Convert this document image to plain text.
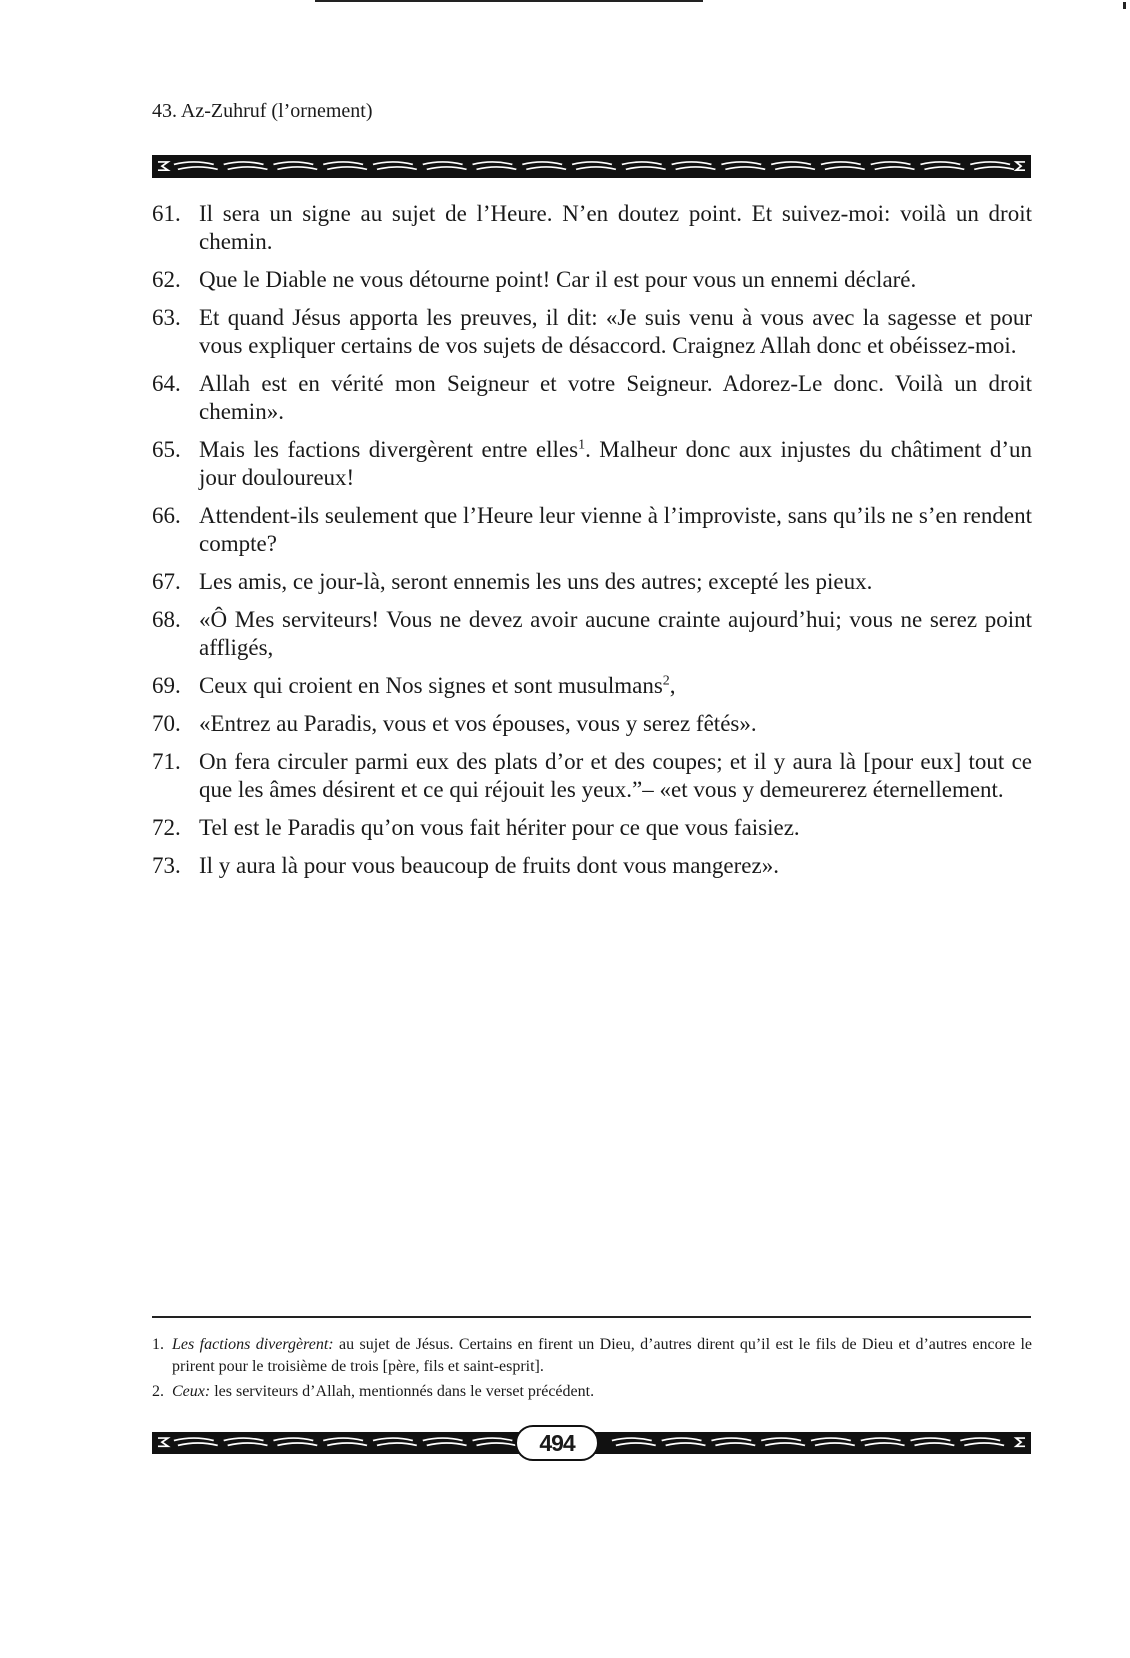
43. Az-Zuhruf (l’ornement)
61. Il sera un signe au sujet de l’Heure. N’en doutez point. Et suivez-moi: voilà un droit chemin.
62. Que le Diable ne vous détourne point! Car il est pour vous un ennemi déclaré.
63. Et quand Jésus apporta les preuves, il dit: «Je suis venu à vous avec la sagesse et pour vous expliquer certains de vos sujets de désaccord. Craignez Allah donc et obéissez-moi.
64. Allah est en vérité mon Seigneur et votre Seigneur. Adorez-Le donc. Voilà un droit chemin».
65. Mais les factions divergèrent entre elles$^1$. Malheur donc aux injustes du châtiment d’un jour douloureux!
66. Attendent-ils seulement que l’Heure leur vienne à l’improviste, sans qu’ils ne s’en rendent compte?
67. Les amis, ce jour-là, seront ennemis les uns des autres; excepté les pieux.
68. «Ô Mes serviteurs! Vous ne devez avoir aucune crainte aujourd’hui; vous ne serez point affligés,
69. Ceux qui croient en Nos signes et sont musulmans$^2$,
70. «Entrez au Paradis, vous et vos épouses, vous y serez fêtés».
71. On fera circuler parmi eux des plats d’or et des coupes; et il y aura là [pour eux] tout ce que les âmes désirent et ce qui réjouit les yeux.”– «et vous y demeurerez éternellement.
72. Tel est le Paradis qu’on vous fait hériter pour ce que vous faisiez.
73. Il y aura là pour vous beaucoup de fruits dont vous mangerez».
1. Les factions divergèrent: au sujet de Jésus. Certains en firent un Dieu, d’autres dirent qu’il est le fils de Dieu et d’autres encore le prirent pour le troisième de trois [père, fils et saint-esprit].
2. Ceux: les serviteurs d’Allah, mentionnés dans le verset précédent.
494
